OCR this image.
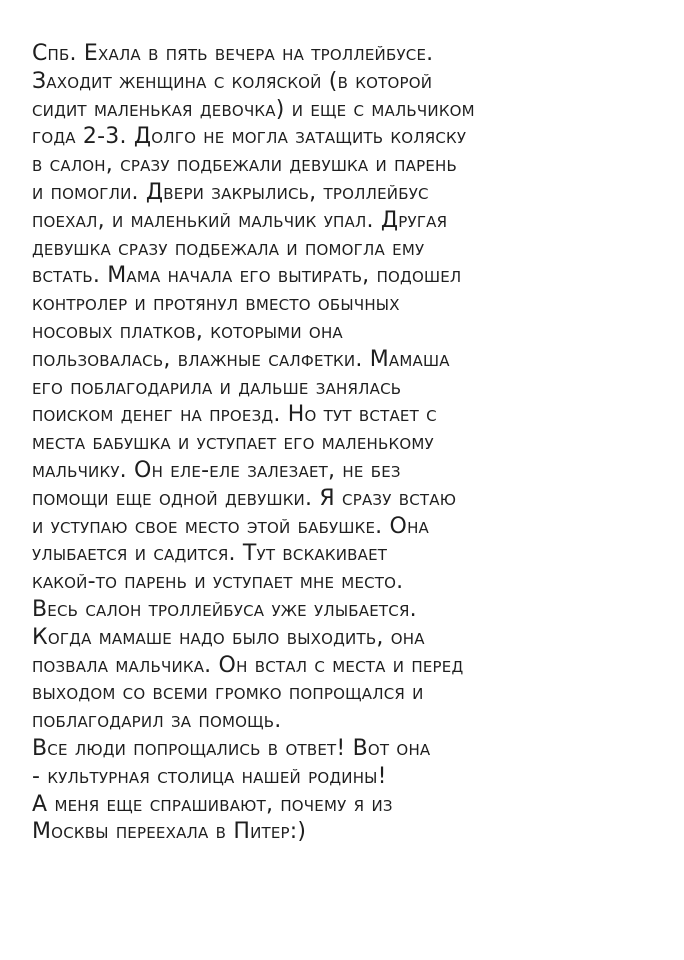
Спб. Ехала в пять вечера на троллейбусе.
Заходит женщина с коляской (в которой
сидит маленькая девочка) и еще с мальчиком
года 2-3. Долго не могла затащить коляску
в салон, сразу подбежали девушка и парень
и помогли. Двери закрылись, троллейбус
поехал, и маленький мальчик упал. Другая
девушка сразу подбежала и помогла ему
встать. Мама начала его вытирать, подошел
контролер и протянул вместо обычных
носовых платков, которыми она
пользовалась, влажные салфетки. Мамаша
его поблагодарила и дальше занялась
поиском денег на проезд. Но тут встает с
места бабушка и уступает его маленькому
мальчику. Он еле-еле залезает, не без
помощи еще одной девушки. Я сразу встаю
и уступаю свое место этой бабушке. Она
улыбается и садится. Тут вскакивает
какой-то парень и уступает мне место.
Весь салон троллейбуса уже улыбается.
Когда мамаше надо было выходить, она
позвала мальчика. Он встал с места и перед
выходом со всеми громко попрощался и
поблагодарил за помощь.
Все люди попрощались в ответ! Вот она
- культурная столица нашей родины!
А меня еще спрашивают, почему я из
Москвы переехала в Питер:)
